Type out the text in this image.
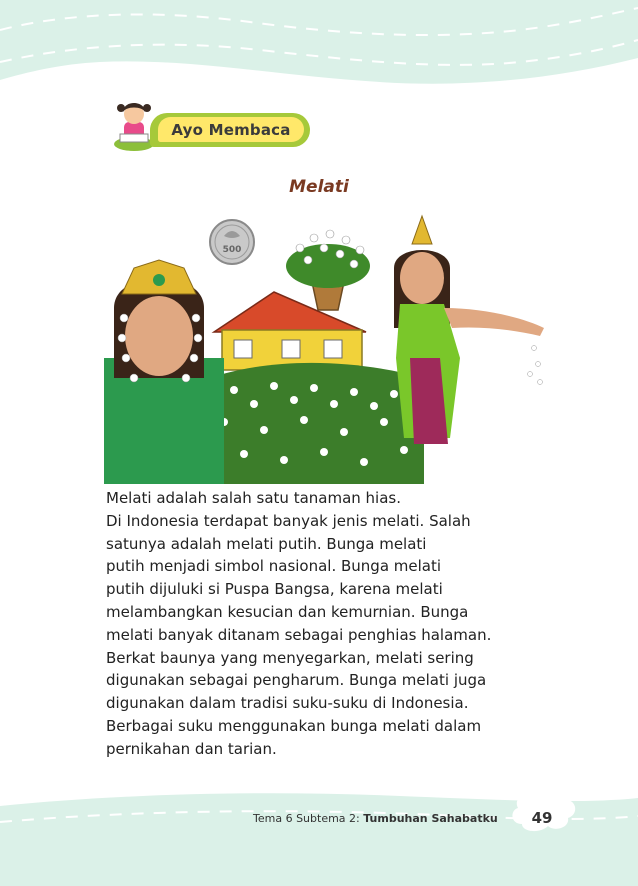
Ayo Membaca
Melati
500
Melati adalah salah satu tanaman hias.
Di Indonesia terdapat banyak jenis melati. Salah
satunya adalah melati putih. Bunga melati
putih menjadi simbol nasional. Bunga melati
putih dijuluki si Puspa Bangsa, karena melati
melambangkan kesucian dan kemurnian. Bunga
melati banyak ditanam sebagai penghias halaman.
Berkat baunya yang menyegarkan, melati sering
digunakan sebagai pengharum. Bunga melati juga
digunakan dalam tradisi suku-suku di Indonesia.
Berbagai suku menggunakan bunga melati dalam
pernikahan dan tarian.
Tema 6 Subtema 2: Tumbuhan Sahabatku	49
